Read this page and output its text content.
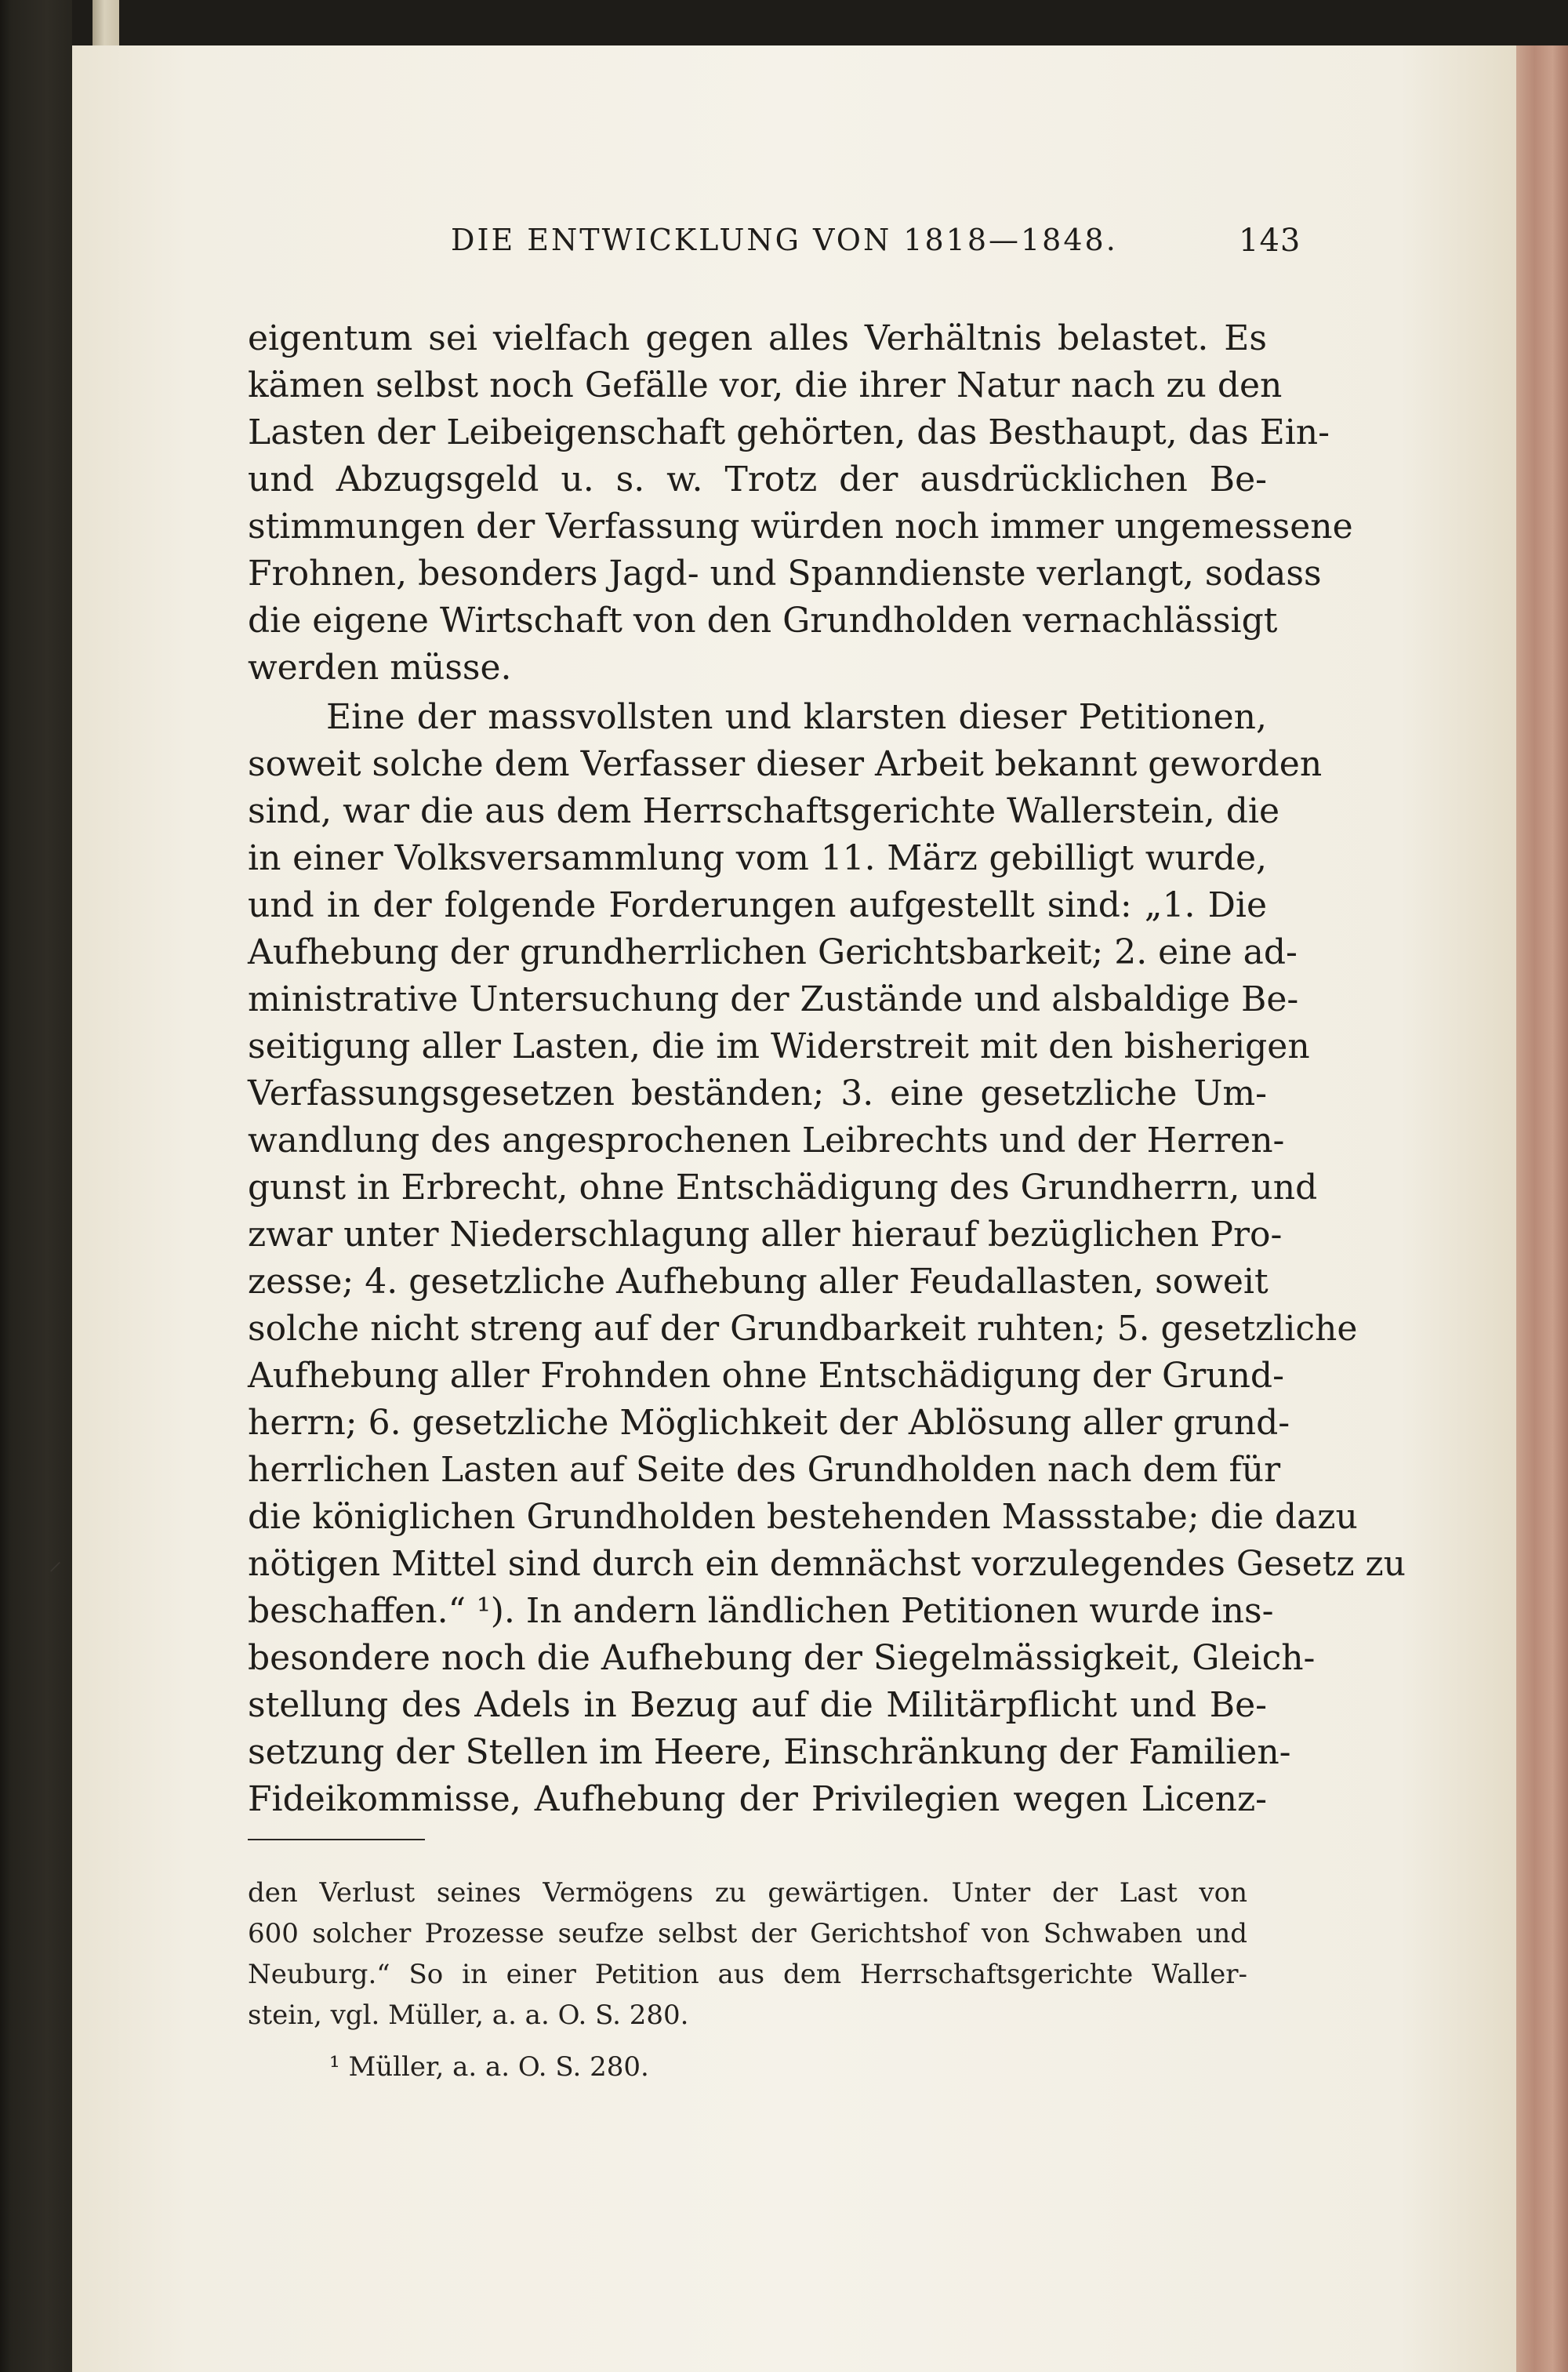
DIE ENTWICKLUNG VON 1818—1848.	143
eigentum sei vielfach gegen alles Verhältnis belastet. Es
kämen selbst noch Gefälle vor, die ihrer Natur nach zu den
Lasten der Leibeigenschaft gehörten, das Besthaupt, das Ein-
und Abzugsgeld u. s. w. Trotz der ausdrücklichen Be-
stimmungen der Verfassung würden noch immer ungemessene
Frohnen, besonders Jagd- und Spanndienste verlangt, sodass
die eigene Wirtschaft von den Grundholden vernachlässigt
werden müsse.
Eine der massvollsten und klarsten dieser Petitionen,
soweit solche dem Verfasser dieser Arbeit bekannt geworden
sind, war die aus dem Herrschaftsgerichte Wallerstein, die
in einer Volksversammlung vom 11. März gebilligt wurde,
und in der folgende Forderungen aufgestellt sind: „1. Die
Aufhebung der grundherrlichen Gerichtsbarkeit; 2. eine ad-
ministrative Untersuchung der Zustände und alsbaldige Be-
seitigung aller Lasten, die im Widerstreit mit den bisherigen
Verfassungsgesetzen beständen; 3. eine gesetzliche Um-
wandlung des angesprochenen Leibrechts und der Herren-
gunst in Erbrecht, ohne Entschädigung des Grundherrn, und
zwar unter Niederschlagung aller hierauf bezüglichen Pro-
zesse; 4. gesetzliche Aufhebung aller Feudallasten, soweit
solche nicht streng auf der Grundbarkeit ruhten; 5. gesetzliche
Aufhebung aller Frohnden ohne Entschädigung der Grund-
herrn; 6. gesetzliche Möglichkeit der Ablösung aller grund-
herrlichen Lasten auf Seite des Grundholden nach dem für
die königlichen Grundholden bestehenden Massstabe; die dazu
nötigen Mittel sind durch ein demnächst vorzulegendes Gesetz zu
beschaffen.“ ¹). In andern ländlichen Petitionen wurde ins-
besondere noch die Aufhebung der Siegelmässigkeit, Gleich-
stellung des Adels in Bezug auf die Militärpflicht und Be-
setzung der Stellen im Heere, Einschränkung der Familien-
Fideikommisse, Aufhebung der Privilegien wegen Licenz-
den Verlust seines Vermögens zu gewärtigen. Unter der Last von
600 solcher Prozesse seufze selbst der Gerichtshof von Schwaben und
Neuburg.“ So in einer Petition aus dem Herrschaftsgerichte Waller-
stein, vgl. Müller, a. a. O. S. 280.
¹ Müller, a. a. O. S. 280.
⸍
